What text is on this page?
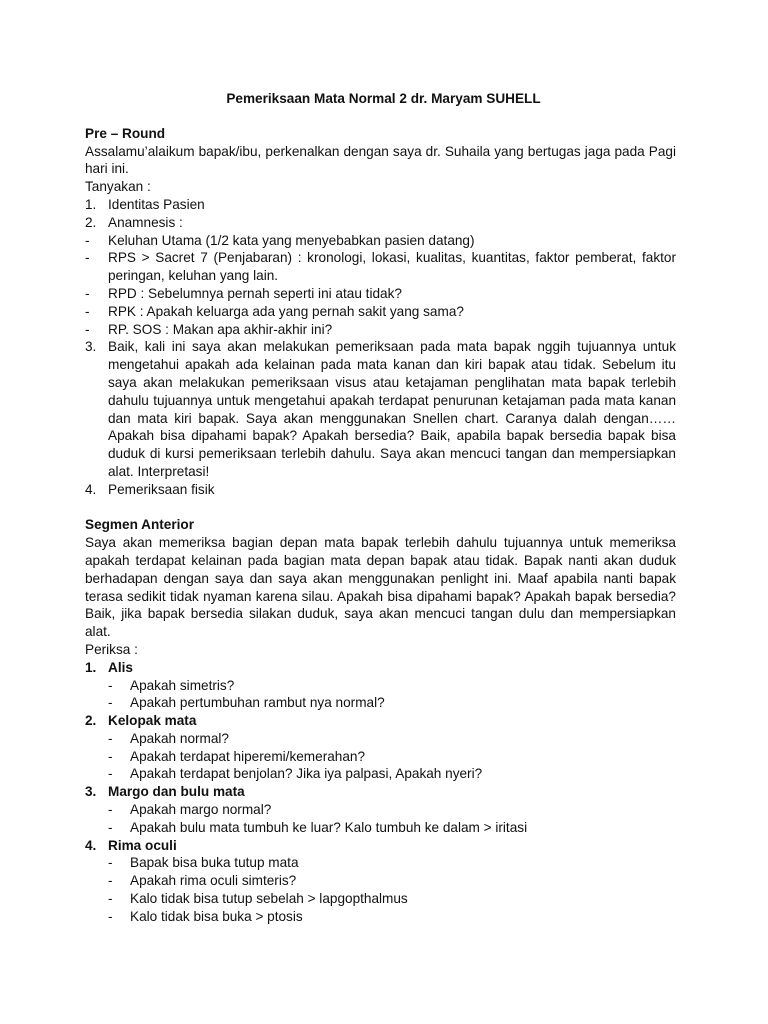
Pemeriksaan Mata Normal 2 dr. Maryam SUHELL

Pre – Round

Assalamu’alaikum bapak/ibu, perkenalkan dengan saya dr. Suhaila yang bertugas jaga pada Pagi hari ini.

Tanyakan :

1. Identitas Pasien
2. Anamnesis :
-	Keluhan Utama (1/2 kata yang menyebabkan pasien datang)
-	RPS > Sacret 7 (Penjabaran) : kronologi, lokasi, kualitas, kuantitas, faktor pemberat, faktor peringan, keluhan yang lain.
-	RPD : Sebelumnya pernah seperti ini atau tidak?
-	RPK : Apakah keluarga ada yang pernah sakit yang sama?
-	RP. SOS : Makan apa akhir-akhir ini?
3. Baik, kali ini saya akan melakukan pemeriksaan pada mata bapak nggih tujuannya untuk mengetahui apakah ada kelainan pada mata kanan dan kiri bapak atau tidak. Sebelum itu saya akan melakukan pemeriksaan visus atau ketajaman penglihatan mata bapak terlebih dahulu tujuannya untuk mengetahui apakah terdapat penurunan ketajaman pada mata kanan dan mata kiri bapak. Saya akan menggunakan Snellen chart. Caranya dalah dengan……Apakah bisa dipahami bapak? Apakah bersedia? Baik, apabila bapak bersedia bapak bisa duduk di kursi pemeriksaan terlebih dahulu. Saya akan mencuci tangan dan mempersiapkan alat. Interpretasi!
4. Pemeriksaan fisik

Segmen Anterior

Saya akan memeriksa bagian depan mata bapak terlebih dahulu tujuannya untuk memeriksa apakah terdapat kelainan pada bagian mata depan bapak atau tidak. Bapak nanti akan duduk berhadapan dengan saya dan saya akan menggunakan penlight ini. Maaf apabila nanti bapak terasa sedikit tidak nyaman karena silau. Apakah bisa dipahami bapak? Apakah bapak bersedia? Baik, jika bapak bersedia silakan duduk, saya akan mencuci tangan dulu dan mempersiapkan alat.

Periksa :

1. Alis
-	Apakah simetris?
-	Apakah pertumbuhan rambut nya normal?
2. Kelopak mata
-	Apakah normal?
-	Apakah terdapat hiperemi/kemerahan?
-	Apakah terdapat benjolan? Jika iya palpasi, Apakah nyeri?
3. Margo dan bulu mata
-	Apakah margo normal?
-	Apakah bulu mata tumbuh ke luar? Kalo tumbuh ke dalam > iritasi
4. Rima oculi
-	Bapak bisa buka tutup mata
-	Apakah rima oculi simteris?
-	Kalo tidak bisa tutup sebelah > lapgopthalmus
-	Kalo tidak bisa buka > ptosis
